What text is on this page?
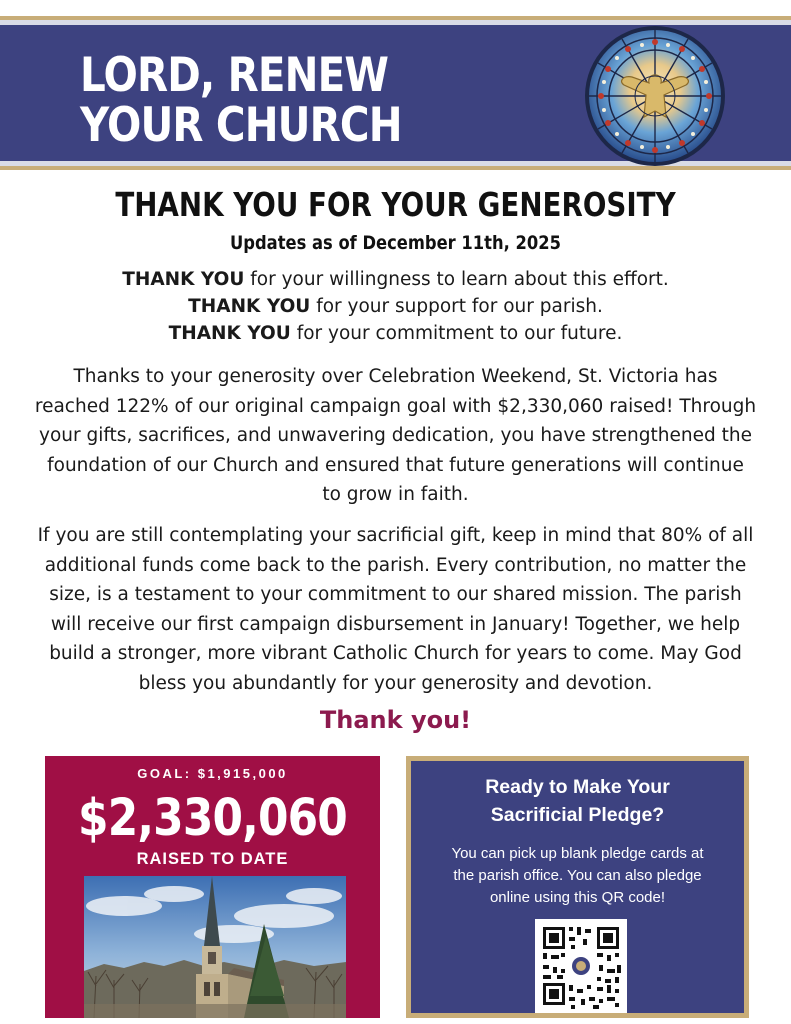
LORD, RENEW
YOUR CHURCH
THANK YOU FOR YOUR GENEROSITY
Updates as of December 11th, 2025
THANK YOU for your willingness to learn about this effort.
THANK YOU for your support for our parish.
THANK YOU for your commitment to our future.
Thanks to your generosity over Celebration Weekend, St. Victoria has
reached 122% of our original campaign goal with $2,330,060 raised! Through
your gifts, sacrifices, and unwavering dedication, you have strengthened the
foundation of our Church and ensured that future generations will continue
to grow in faith.
If you are still contemplating your sacrificial gift, keep in mind that 80% of all
additional funds come back to the parish. Every contribution, no matter the
size, is a testament to your commitment to our shared mission. The parish
will receive our first campaign disbursement in January! Together, we help
build a stronger, more vibrant Catholic Church for years to come. May God
bless you abundantly for your generosity and devotion.
Thank you!
GOAL: $1,915,000
$2,330,060
RAISED TO DATE
Ready to Make Your
Sacrificial Pledge?
You can pick up blank pledge cards at
the parish office. You can also pledge
online using this QR code!
